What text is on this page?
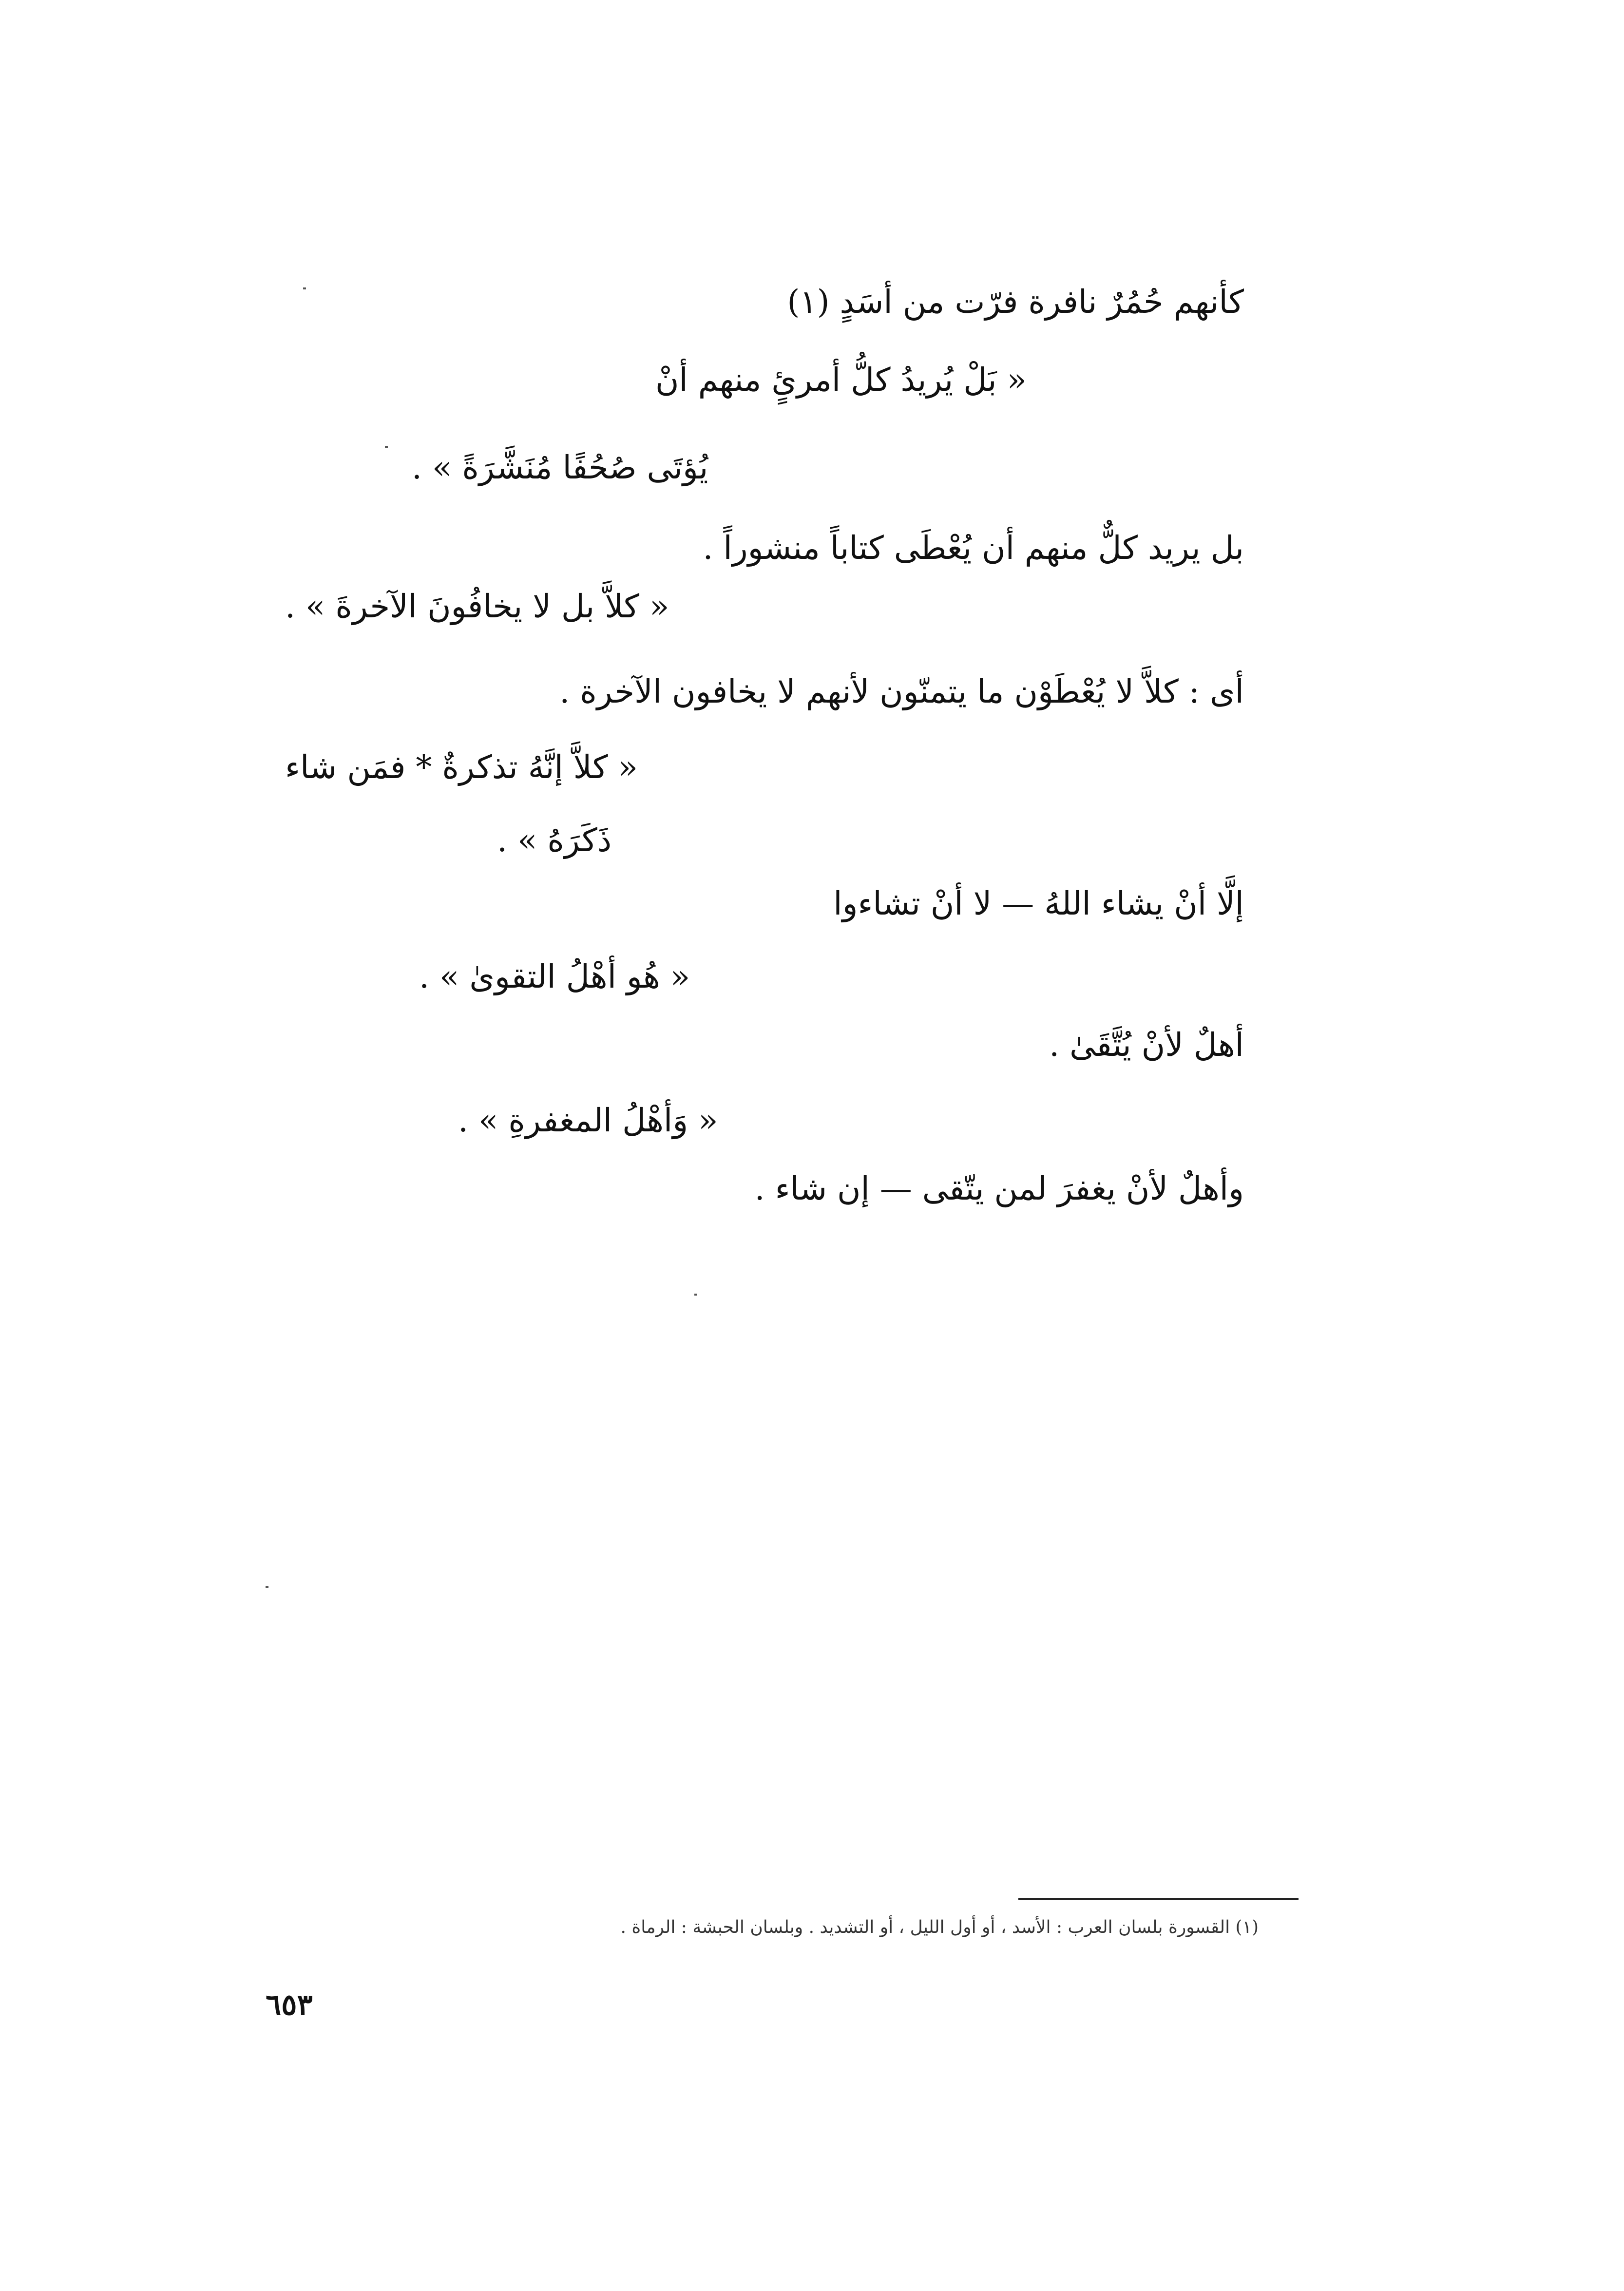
كأنهم حُمُرٌ نافرة فرّت من أسَدٍ (١)
« بَلْ يُريدُ كلُّ أمرئٍ منهم أنْ
يُؤتَى صُحُفًا مُنَشَّرَةً » .
بل يريد كلٌّ منهم أن يُعْطَى كتاباً منشوراً .
« كلاَّ بل لا يخافُونَ الآخرةَ » .
أى : كلاَّ لا يُعْطَوْن ما يتمنّون لأنهم لا يخافون الآخرة .
« كلاَّ إنَّهُ تذكرةٌ * فمَن شاء
ذَكَرَهُ » .
إلَّا أنْ يشاء اللهُ — لا أنْ تشاءوا
« هُو أهْلُ التقوىٰ » .
أهلٌ لأنْ يُتَّقَىٰ .
« وَأهْلُ المغفرةِ » .
وأهلٌ لأنْ يغفرَ لمن يتّقى — إن شاء .
(١) القسورة بلسان العرب : الأسد ، أو أول الليل ، أو التشديد . وبلسان الحبشة : الرماة .
٦٥٣
